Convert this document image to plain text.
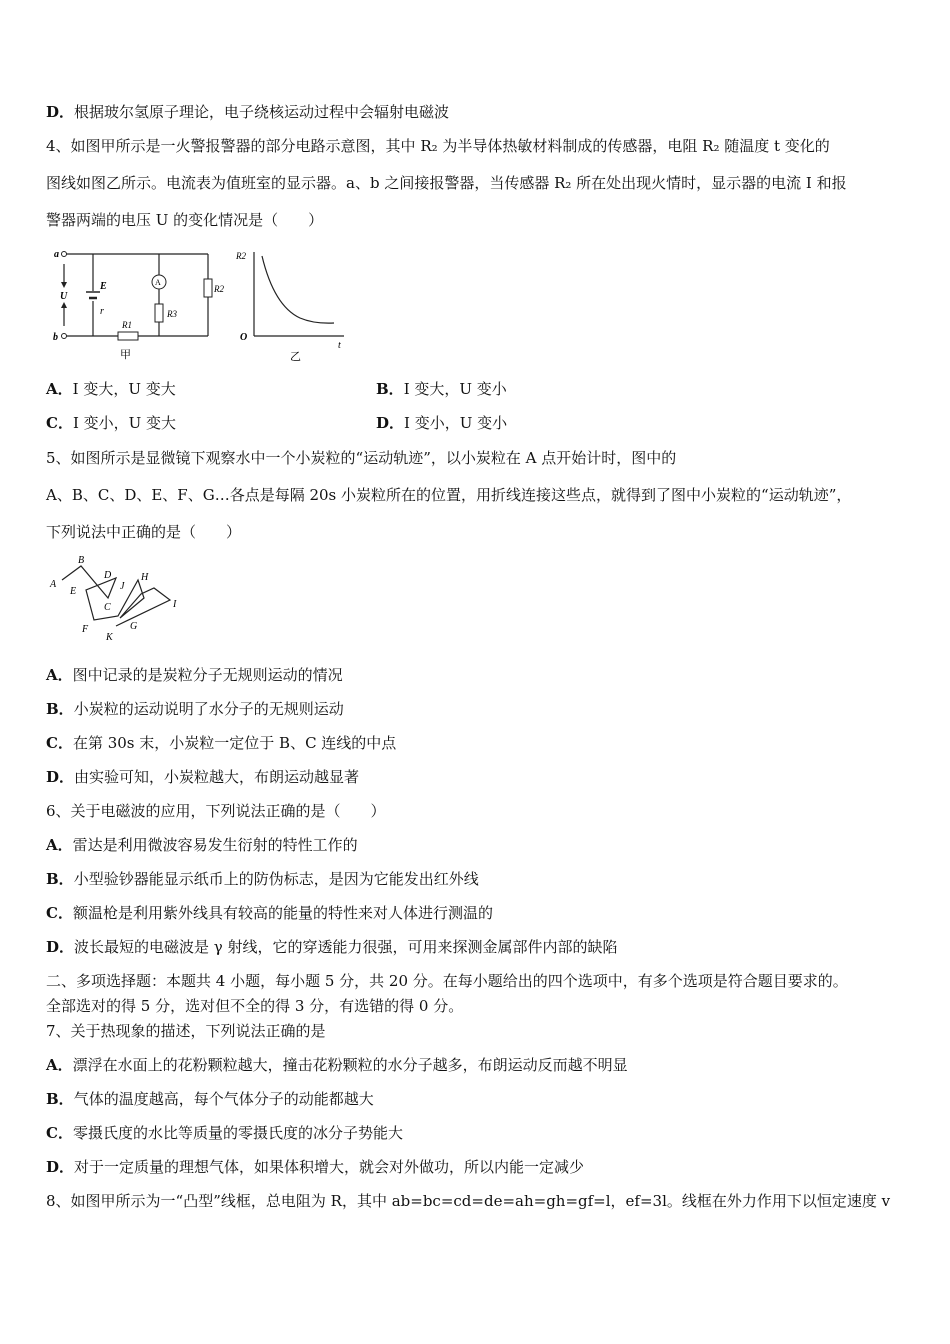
D．根据玻尔氢原子理论，电子绕核运动过程中会辐射电磁波
4、如图甲所示是一火警报警器的部分电路示意图，其中 R₂ 为半导体热敏材料制成的传感器，电阻 R₂ 随温度 t 变化的
图线如图乙所示。电流表为值班室的显示器。a、b 之间接报警器，当传感器 R₂ 所在处出现火情时，显示器的电流 I 和报
警器两端的电压 U 的变化情况是（　　）
a
b
U
E
r
R1
A
R3
R2
甲
R2
O
t
乙
A．I 变大，U 变大	B．I 变大，U 变小
C．I 变小，U 变大	D．I 变小，U 变小
5、如图所示是显微镜下观察水中一个小炭粒的“运动轨迹”，以小炭粒在 A 点开始计时，图中的
A、B、C、D、E、F、G…各点是每隔 20s 小炭粒所在的位置，用折线连接这些点，就得到了图中小炭粒的“运动轨迹”，
下列说法中正确的是（　　）
A
B
C
D
E
F	G
H
I
J
K
A．图中记录的是炭粒分子无规则运动的情况
B．小炭粒的运动说明了水分子的无规则运动
C．在第 30s 末，小炭粒一定位于 B、C 连线的中点
D．由实验可知，小炭粒越大，布朗运动越显著
6、关于电磁波的应用，下列说法正确的是（　　）
A．雷达是利用微波容易发生衍射的特性工作的
B．小型验钞器能显示纸币上的防伪标志，是因为它能发出红外线
C．额温枪是利用紫外线具有较高的能量的特性来对人体进行测温的
D．波长最短的电磁波是 γ 射线，它的穿透能力很强，可用来探测金属部件内部的缺陷
二、多项选择题：本题共 4 小题，每小题 5 分，共 20 分。在每小题给出的四个选项中，有多个选项是符合题目要求的。
全部选对的得 5 分，选对但不全的得 3 分，有选错的得 0 分。
7、关于热现象的描述，下列说法正确的是
A．漂浮在水面上的花粉颗粒越大，撞击花粉颗粒的水分子越多，布朗运动反而越不明显
B．气体的温度越高，每个气体分子的动能都越大
C．零摄氏度的水比等质量的零摄氏度的冰分子势能大
D．对于一定质量的理想气体，如果体积增大，就会对外做功，所以内能一定减少
8、如图甲所示为一“凸型”线框，总电阻为 R，其中 ab=bc=cd=de=ah=gh=gf=l，ef=3l。线框在外力作用下以恒定速度 v
